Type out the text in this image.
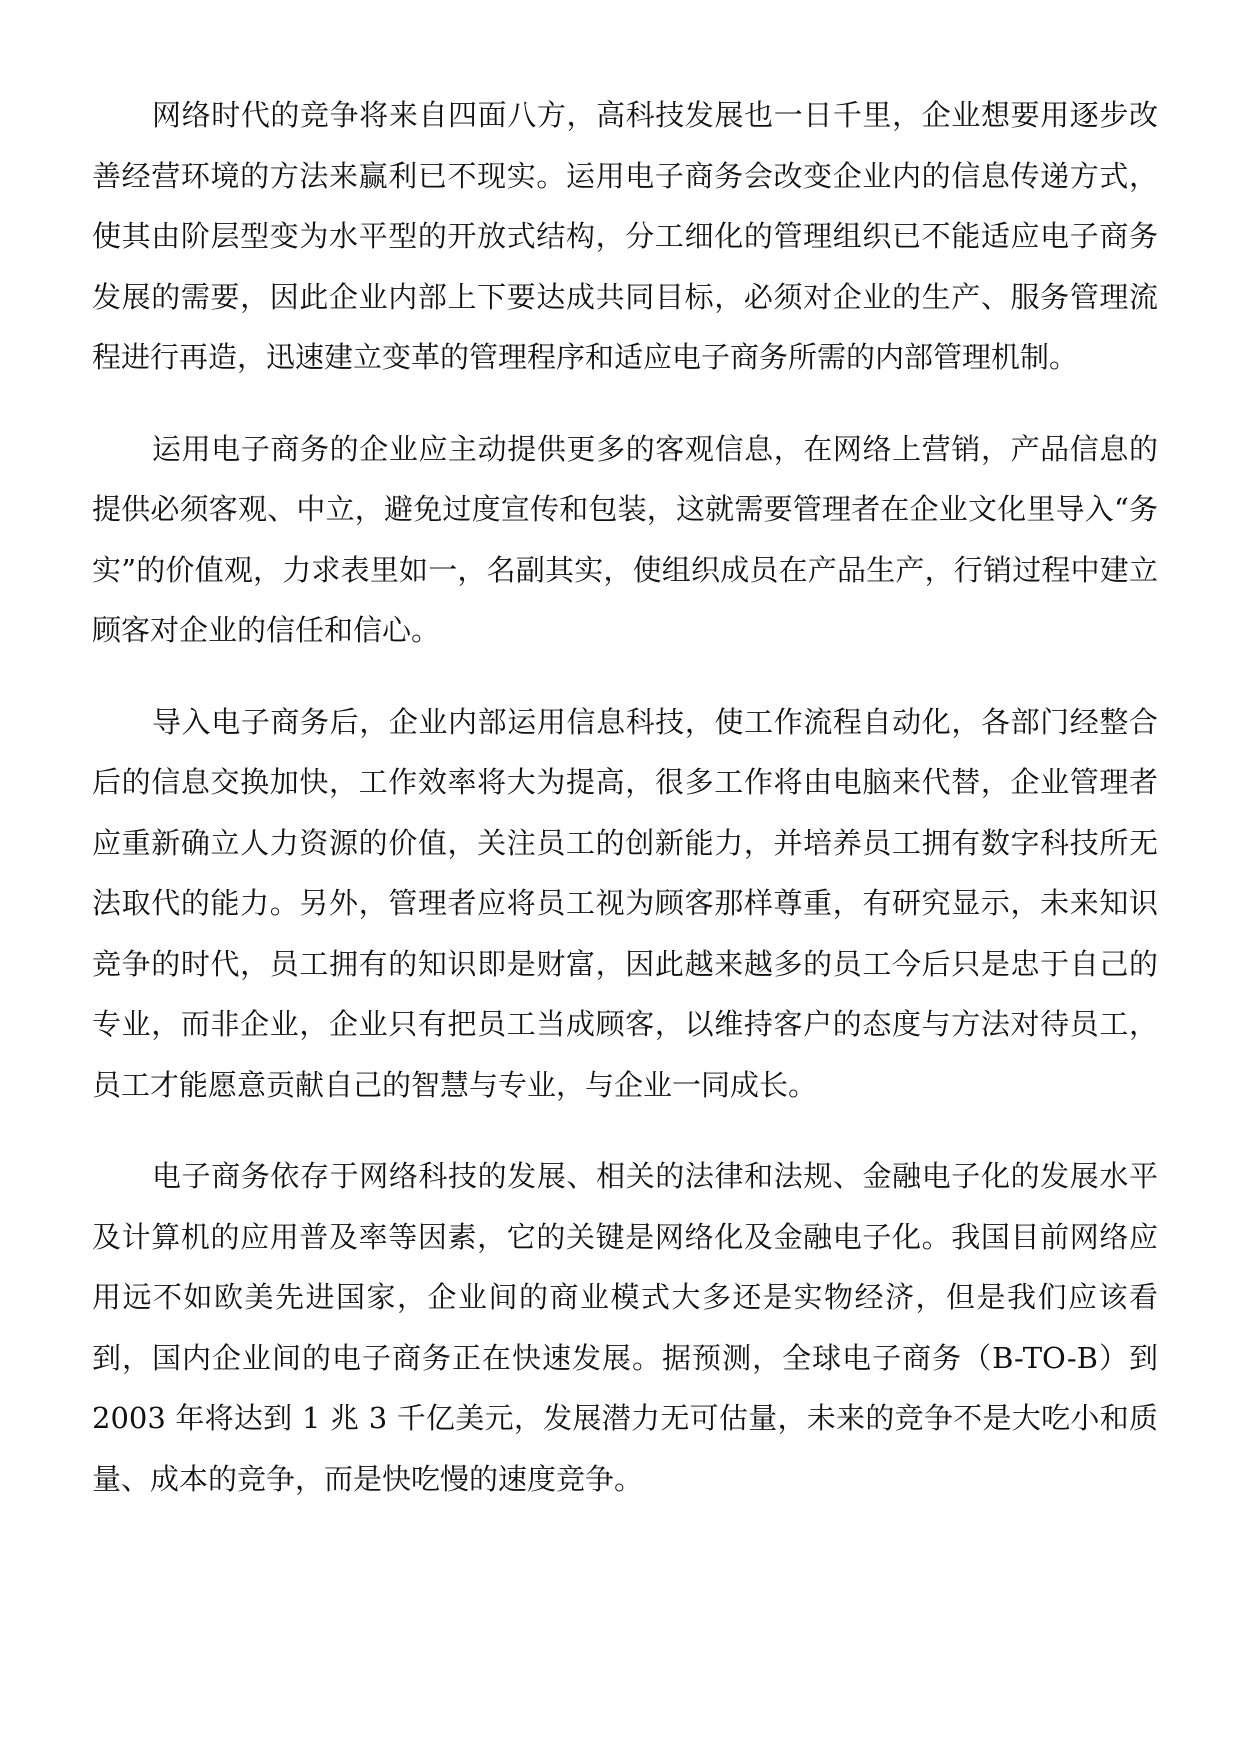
网络时代的竞争将来自四面八方，高科技发展也一日千里，企业想要用逐步改善经营环境的方法来赢利已不现实。运用电子商务会改变企业内的信息传递方式，使其由阶层型变为水平型的开放式结构，分工细化的管理组织已不能适应电子商务发展的需要，因此企业内部上下要达成共同目标，必须对企业的生产、服务管理流程进行再造，迅速建立变革的管理程序和适应电子商务所需的内部管理机制。

运用电子商务的企业应主动提供更多的客观信息，在网络上营销，产品信息的提供必须客观、中立，避免过度宣传和包装，这就需要管理者在企业文化里导入“务实”的价值观，力求表里如一，名副其实，使组织成员在产品生产，行销过程中建立顾客对企业的信任和信心。

导入电子商务后，企业内部运用信息科技，使工作流程自动化，各部门经整合后的信息交换加快，工作效率将大为提高，很多工作将由电脑来代替，企业管理者应重新确立人力资源的价值，关注员工的创新能力，并培养员工拥有数字科技所无法取代的能力。另外，管理者应将员工视为顾客那样尊重，有研究显示，未来知识竞争的时代，员工拥有的知识即是财富，因此越来越多的员工今后只是忠于自己的专业，而非企业，企业只有把员工当成顾客，以维持客户的态度与方法对待员工，员工才能愿意贡献自己的智慧与专业，与企业一同成长。

电子商务依存于网络科技的发展、相关的法律和法规、金融电子化的发展水平及计算机的应用普及率等因素，它的关键是网络化及金融电子化。我国目前网络应用远不如欧美先进国家，企业间的商业模式大多还是实物经济，但是我们应该看到，国内企业间的电子商务正在快速发展。据预测，全球电子商务（B-TO-B）到 2003 年将达到 1 兆 3 千亿美元，发展潜力无可估量，未来的竞争不是大吃小和质量、成本的竞争，而是快吃慢的速度竞争。
